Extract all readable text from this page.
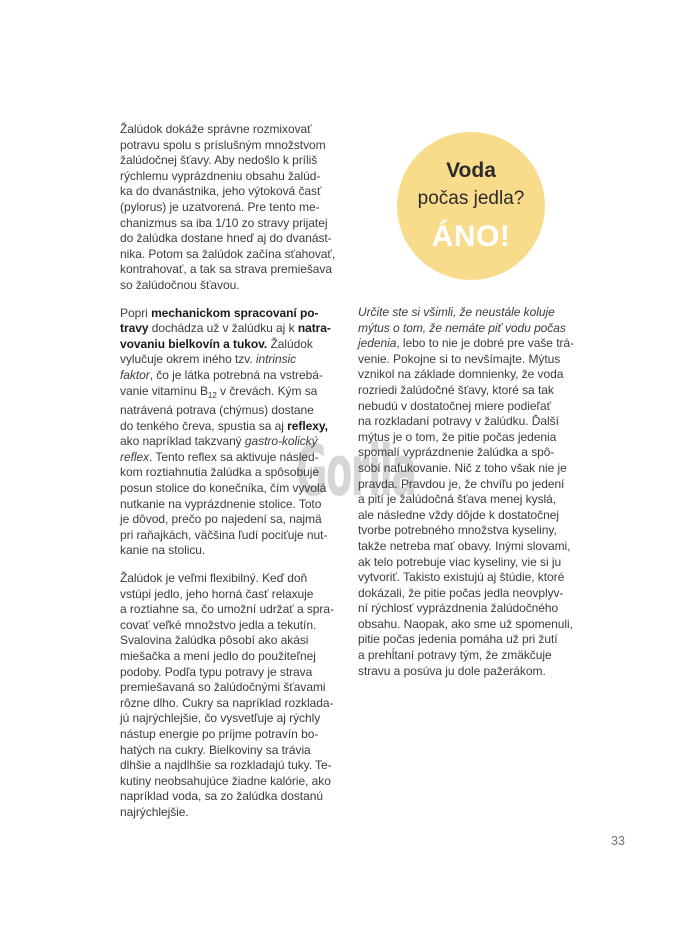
Gorila
Voda
počas jedla?
ÁNO!
Žalúdok dokáže správne rozmixovať
potravu spolu s príslušným množstvom
žalúdočnej šťavy. Aby nedošlo k príliš
rýchlemu vyprázdneniu obsahu žalúd-
ka do dvanástnika, jeho výtoková časť
(pylorus) je uzatvorená. Pre tento me-
chanizmus sa iba 1/10 zo stravy prijatej
do žalúdka dostane hneď aj do dvanást-
nika. Potom sa žalúdok začína sťahovať,
kontrahovať, a tak sa strava premiešava
so žalúdočnou šťavou.
Popri mechanickom spracovaní po-
travy dochádza už v žalúdku aj k natra-
vovaniu bielkovín a tukov. Žalúdok
vylučuje okrem iného tzv. intrinsic
faktor, čo je látka potrebná na vstrebá-
vanie vitamínu $B_{12}$ v črevách. Kým sa
natrávená potrava (chýmus) dostane
do tenkého čreva, spustia sa aj reflexy,
ako napríklad takzvaný gastro-kolický
reflex. Tento reflex sa aktivuje násled-
kom roztiahnutia žalúdka a spôsobuje
posun stolice do konečníka, čím vyvolá
nutkanie na vyprázdnenie stolice. Toto
je dôvod, prečo po najedení sa, najmä
pri raňajkách, väčšina ľudí pociťuje nut-
kanie na stolicu.
Žalúdok je veľmi flexibilný. Keď doň
vstúpi jedlo, jeho horná časť relaxuje
a roztiahne sa, čo umožní udržať a spra-
covať veľké množstvo jedla a tekutín.
Svalovina žalúdka pôsobí ako akási
miešačka a mení jedlo do použiteľnej
podoby. Podľa typu potravy je strava
premiešavaná so žalúdočnými šťavami
rôzne dlho. Cukry sa napríklad rozklada-
jú najrýchlejšie, čo vysvetľuje aj rýchly
nástup energie po príjme potravín bo-
hatých na cukry. Bielkoviny sa trávia
dlhšie a najdlhšie sa rozkladajú tuky. Te-
kutiny neobsahujúce žiadne kalórie, ako
napríklad voda, sa zo žalúdka dostanú
najrýchlejšie.
Určite ste si všimli, že neustále koluje
mýtus o tom, že nemáte piť vodu počas
jedenia, lebo to nie je dobré pre vaše trá-
venie. Pokojne si to nevšímajte. Mýtus
vznikol na základe domnienky, že voda
rozriedi žalúdočné šťavy, ktoré sa tak
nebudú v dostatočnej miere podieľať
na rozkladaní potravy v žalúdku. Ďalší
mýtus je o tom, že pitie počas jedenia
spomalí vyprázdnenie žalúdka a spô-
sobí nafukovanie. Nič z toho však nie je
pravda. Pravdou je, že chvíľu po jedení
a pití je žalúdočná šťava menej kyslá,
ale následne vždy dôjde k dostatočnej
tvorbe potrebného množstva kyseliny,
takže netreba mať obavy. Inými slovami,
ak telo potrebuje viac kyseliny, vie si ju
vytvoriť. Takisto existujú aj štúdie, ktoré
dokázali, že pitie počas jedla neovplyv-
ní rýchlosť vyprázdnenia žalúdočného
obsahu. Naopak, ako sme už spomenuli,
pitie počas jedenia pomáha už pri žutí
a prehĺtaní potravy tým, že zmäkčuje
stravu a posúva ju dole pažerákom.
33
